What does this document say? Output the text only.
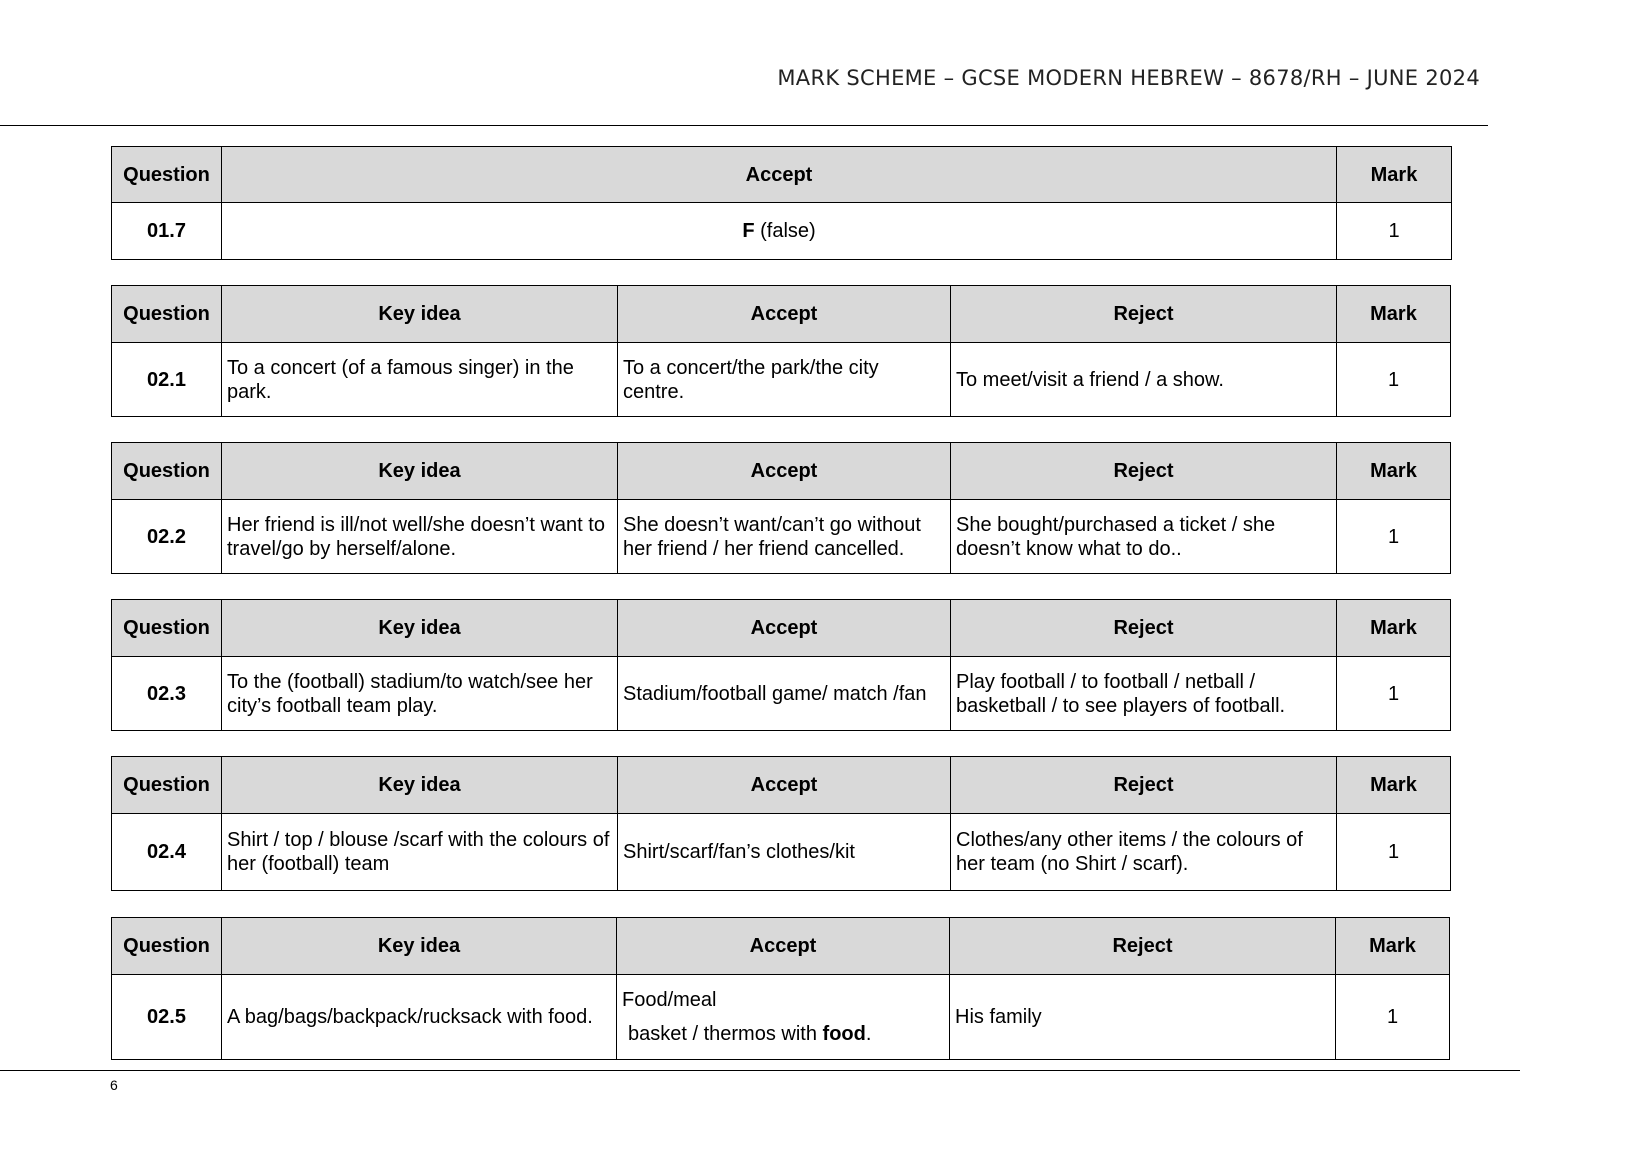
MARK SCHEME – GCSE MODERN HEBREW – 8678/RH – JUNE 2024
Question	Accept	Mark
01.7	F (false)	1
Question	Key idea	Accept	Reject	Mark
02.1	To a concert (of a famous singer) in the park.	To a concert/the park/the city centre.	To meet/visit a friend / a show.	1
Question	Key idea	Accept	Reject	Mark
02.2	Her friend is ill/not well/she doesn’t want to travel/go by herself/alone.	She doesn’t want/can’t go without her friend / her friend cancelled.	She bought/purchased a ticket / she doesn’t know what to do..	1
Question	Key idea	Accept	Reject	Mark
02.3	To the (football) stadium/to watch/see her city’s football team play.	Stadium/football game/ match /fan	Play football / to football / netball / basketball / to see players of football.	1
Question	Key idea	Accept	Reject	Mark
02.4	Shirt / top / blouse /scarf with the colours of her (football) team	Shirt/scarf/fan’s clothes/kit	Clothes/any other items / the colours of her team (no Shirt / scarf).	1
Question	Key idea	Accept	Reject	Mark
02.5	A bag/bags/backpack/rucksack with food.	Food/meal
basket / thermos with food.	His family	1
6
